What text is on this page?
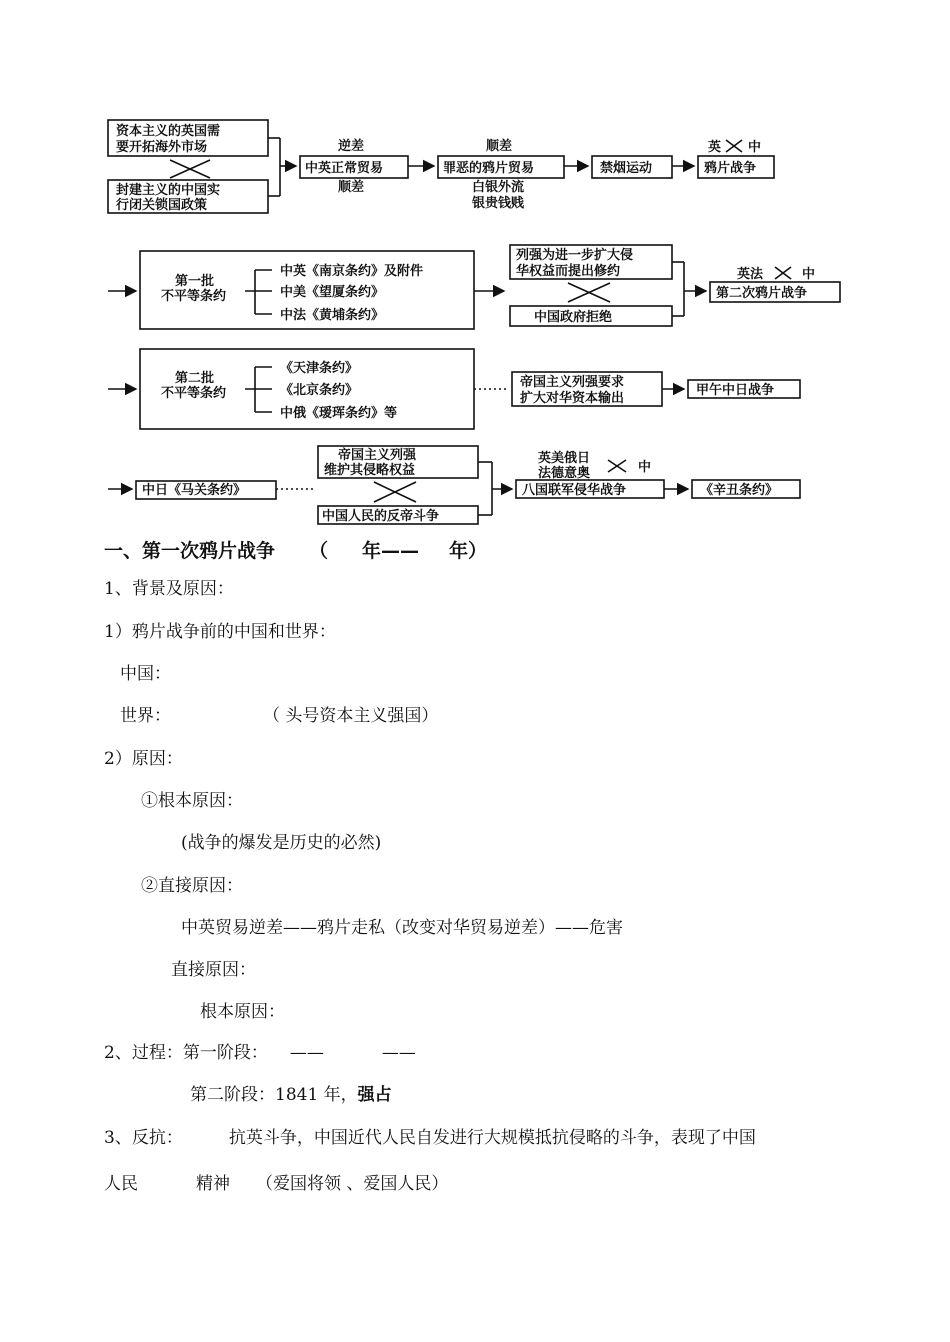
资本主义的英国需
要开拓海外市场
封建主义的中国实
行闭关锁国政策
逆差
中英正常贸易
顺差
顺差
罪恶的鸦片贸易
白银外流
银贵钱贱
禁烟运动
英 中
鸦片战争
第一批
不平等条约
中英《南京条约》及附件
中美《望厦条约》
中法《黄埔条约》
列强为进一步扩大侵
华权益而提出修约
中国政府拒绝
英法	中
第二次鸦片战争
第二批
不平等条约
《天津条约》
《北京条约》
中俄《瑷珲条约》等
帝国主义列强要求
扩大对华资本输出
甲午中日战争
中日《马关条约》
帝国主义列强
维护其侵略权益
中国人民的反帝斗争
英美俄日
法德意奥	中
八国联军侵华战争	《辛丑条约》
一、第一次鸦片战争 （ 年—— 年）
1、背景及原因：
1）鸦片战争前的中国和世界：
中国：
世界：	（ 头号资本主义强国）
2）原因：
①根本原因：
(战争的爆发是历史的必然)
②直接原因：
中英贸易逆差——鸦片走私（改变对华贸易逆差）——危害
直接原因：
根本原因：
2、过程：第一阶段： ——	——
第二阶段：1841 年，强占
3、反抗：	抗英斗争，中国近代人民自发进行大规模抵抗侵略的斗争，表现了中国
人民	精神 （爱国将领 、爱国人民）
